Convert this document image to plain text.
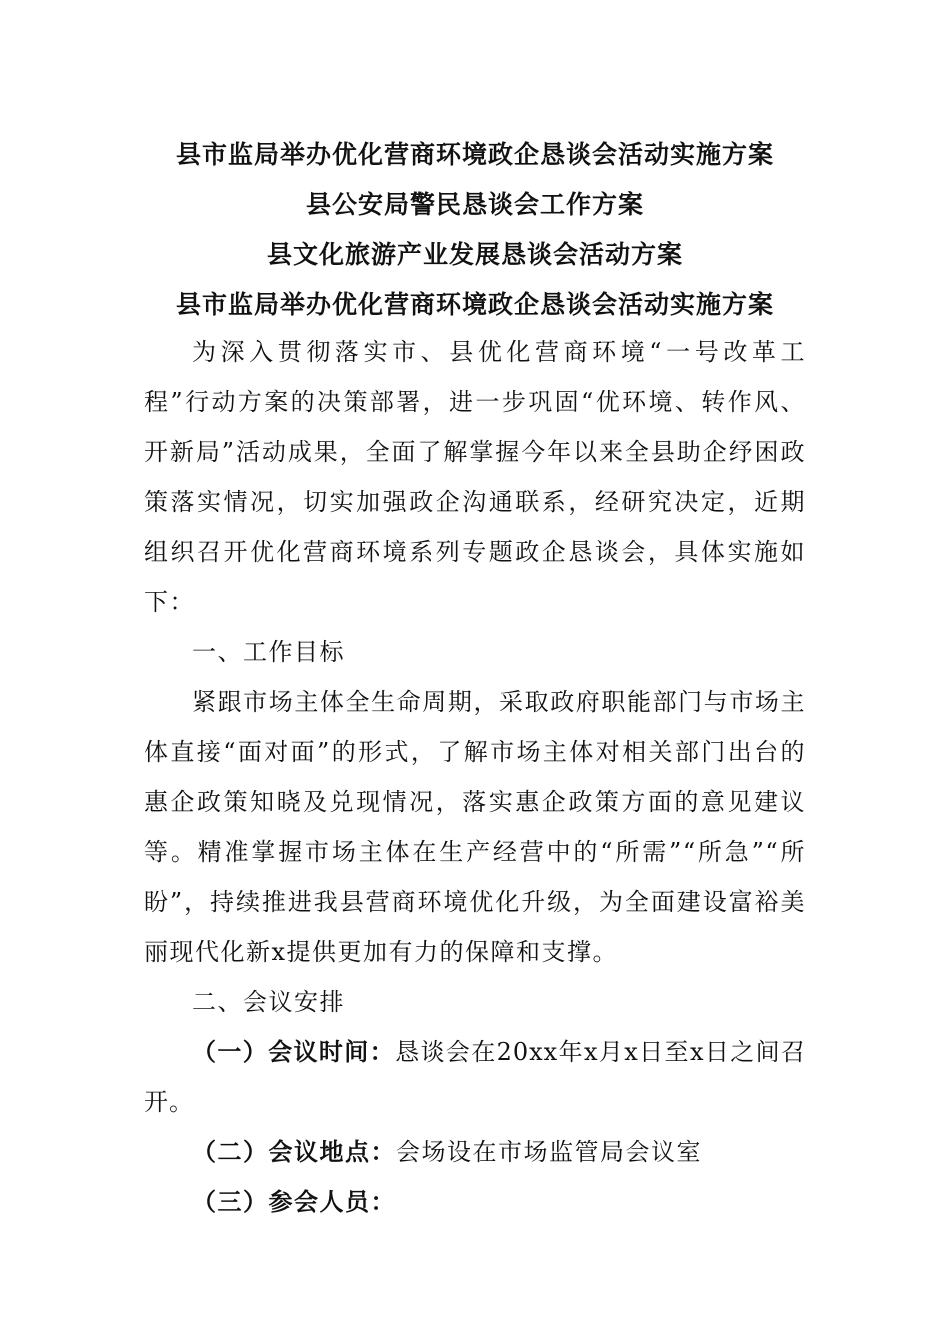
县市监局举办优化营商环境政企恳谈会活动实施方案
县公安局警民恳谈会工作方案
县文化旅游产业发展恳谈会活动方案
县市监局举办优化营商环境政企恳谈会活动实施方案

为深入贯彻落实市、县优化营商环境“一号改革工程”行动方案的决策部署，进一步巩固“优环境、转作风、开新局”活动成果，全面了解掌握今年以来全县助企纾困政策落实情况，切实加强政企沟通联系，经研究决定，近期组织召开优化营商环境系列专题政企恳谈会，具体实施如下：

一、工作目标

紧跟市场主体全生命周期，采取政府职能部门与市场主体直接“面对面”的形式，了解市场主体对相关部门出台的惠企政策知晓及兑现情况，落实惠企政策方面的意见建议等。精准掌握市场主体在生产经营中的“所需”“所急”“所盼”，持续推进我县营商环境优化升级，为全面建设富裕美丽现代化新x提供更加有力的保障和支撑。

二、会议安排

（一）会议时间：恳谈会在20xx年x月x日至x日之间召开。

（二）会议地点：会场设在市场监管局会议室

（三）参会人员：
